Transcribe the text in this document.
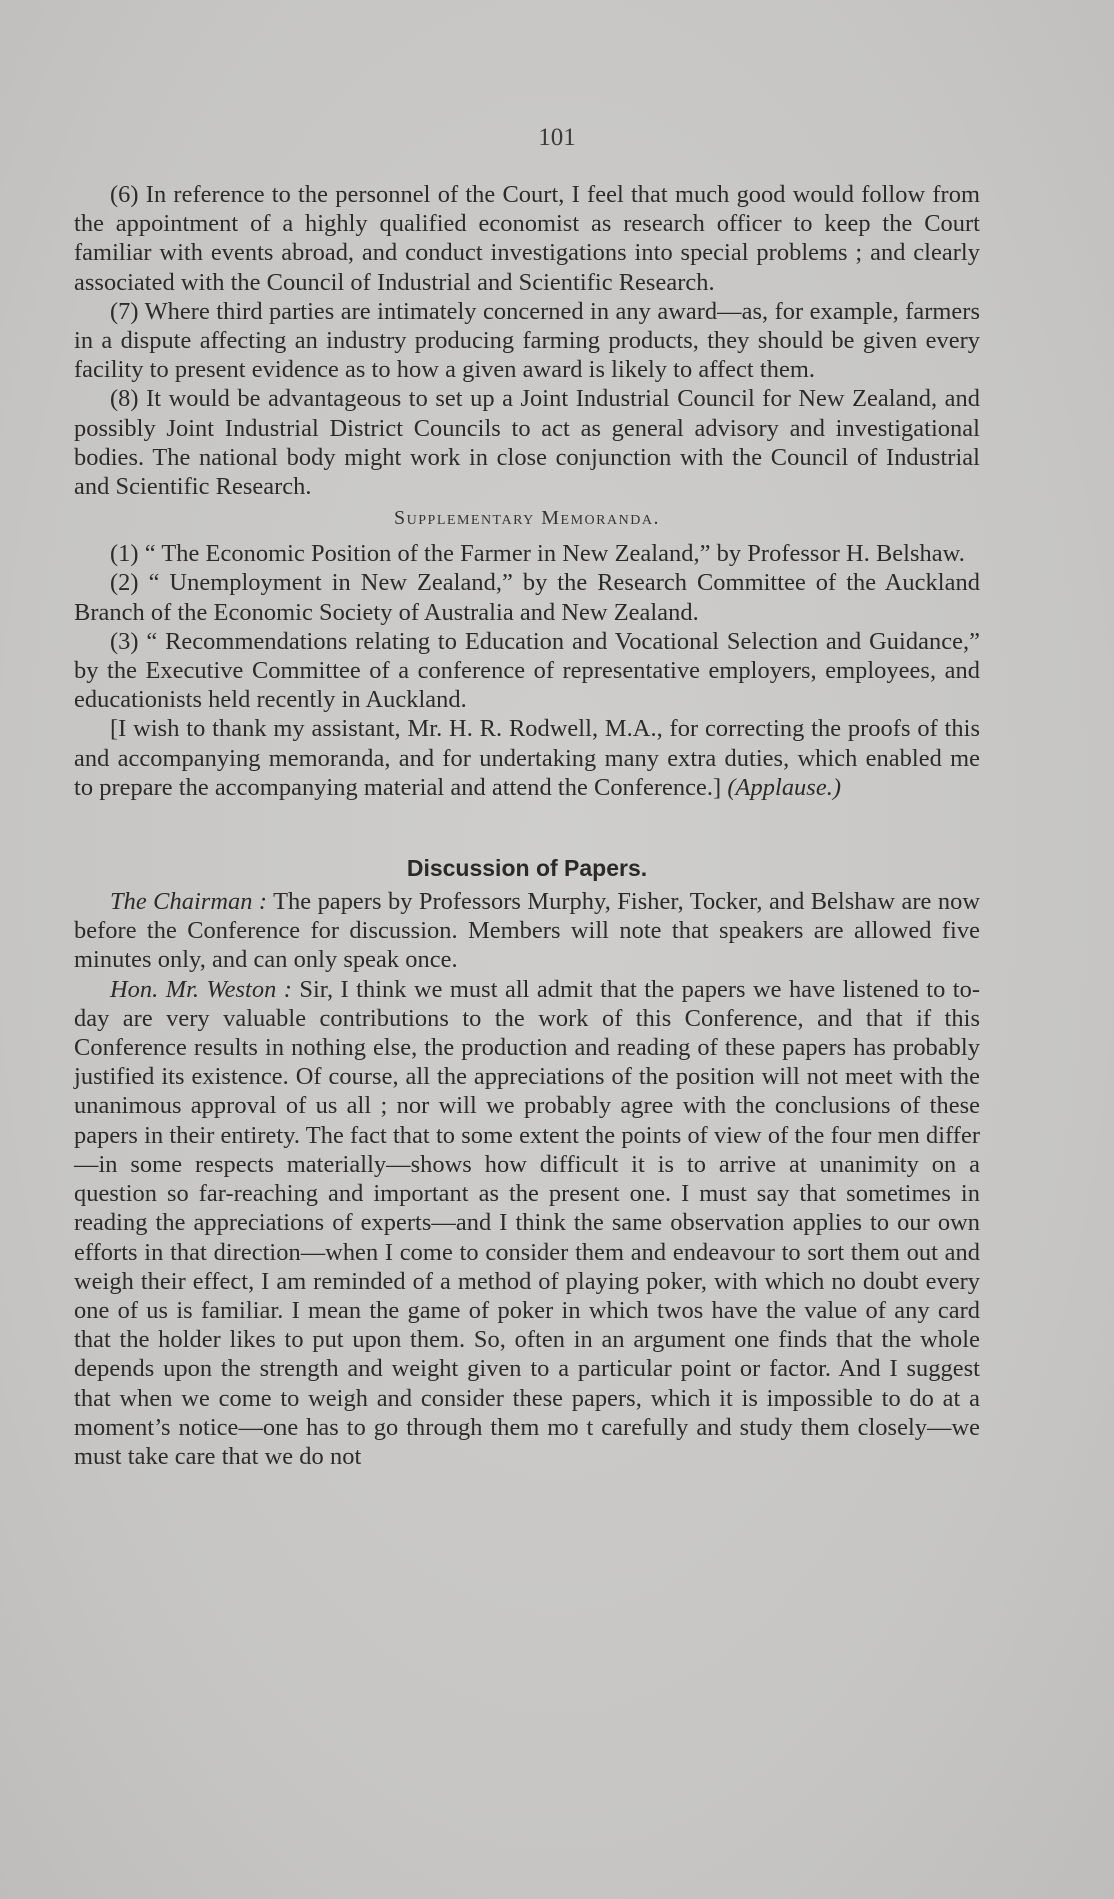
101

(6) In reference to the personnel of the Court, I feel that much good would follow from the appointment of a highly qualified economist as research officer to keep the Court familiar with events abroad, and conduct investigations into special problems ; and clearly associated with the Council of Industrial and Scientific Research.

(7) Where third parties are intimately concerned in any award—as, for example, farmers in a dispute affecting an industry producing farming products, they should be given every facility to present evidence as to how a given award is likely to affect them.

(8) It would be advantageous to set up a Joint Industrial Council for New Zealand, and possibly Joint Industrial District Councils to act as general advisory and investigational bodies. The national body might work in close conjunction with the Council of Industrial and Scientific Research.

Supplementary Memoranda.

(1) “ The Economic Position of the Farmer in New Zealand,” by Professor H. Belshaw.

(2) “ Unemployment in New Zealand,” by the Research Committee of the Auckland Branch of the Economic Society of Australia and New Zealand.

(3) “ Recommendations relating to Education and Vocational Selection and Guidance,” by the Executive Committee of a conference of representative employers, employees, and educationists held recently in Auckland.

[I wish to thank my assistant, Mr. H. R. Rodwell, M.A., for correcting the proofs of this and accompanying memoranda, and for undertaking many extra duties, which enabled me to prepare the accompanying material and attend the Conference.] (Applause.)

Discussion of Papers.

The Chairman : The papers by Professors Murphy, Fisher, Tocker, and Belshaw are now before the Conference for discussion. Members will note that speakers are allowed five minutes only, and can only speak once.

Hon. Mr. Weston : Sir, I think we must all admit that the papers we have listened to to-day are very valuable contributions to the work of this Conference, and that if this Conference results in nothing else, the production and reading of these papers has probably justified its existence. Of course, all the appreciations of the position will not meet with the unanimous approval of us all ; nor will we probably agree with the conclusions of these papers in their entirety. The fact that to some extent the points of view of the four men differ—in some respects materially—shows how difficult it is to arrive at unanimity on a question so far-reaching and important as the present one. I must say that sometimes in reading the appreciations of experts—and I think the same observation applies to our own efforts in that direction—when I come to consider them and endeavour to sort them out and weigh their effect, I am reminded of a method of playing poker, with which no doubt every one of us is familiar. I mean the game of poker in which twos have the value of any card that the holder likes to put upon them. So, often in an argument one finds that the whole depends upon the strength and weight given to a particular point or factor. And I suggest that when we come to weigh and consider these papers, which it is impossible to do at a moment’s notice—one has to go through them mo t carefully and study them closely—we must take care that we do not
